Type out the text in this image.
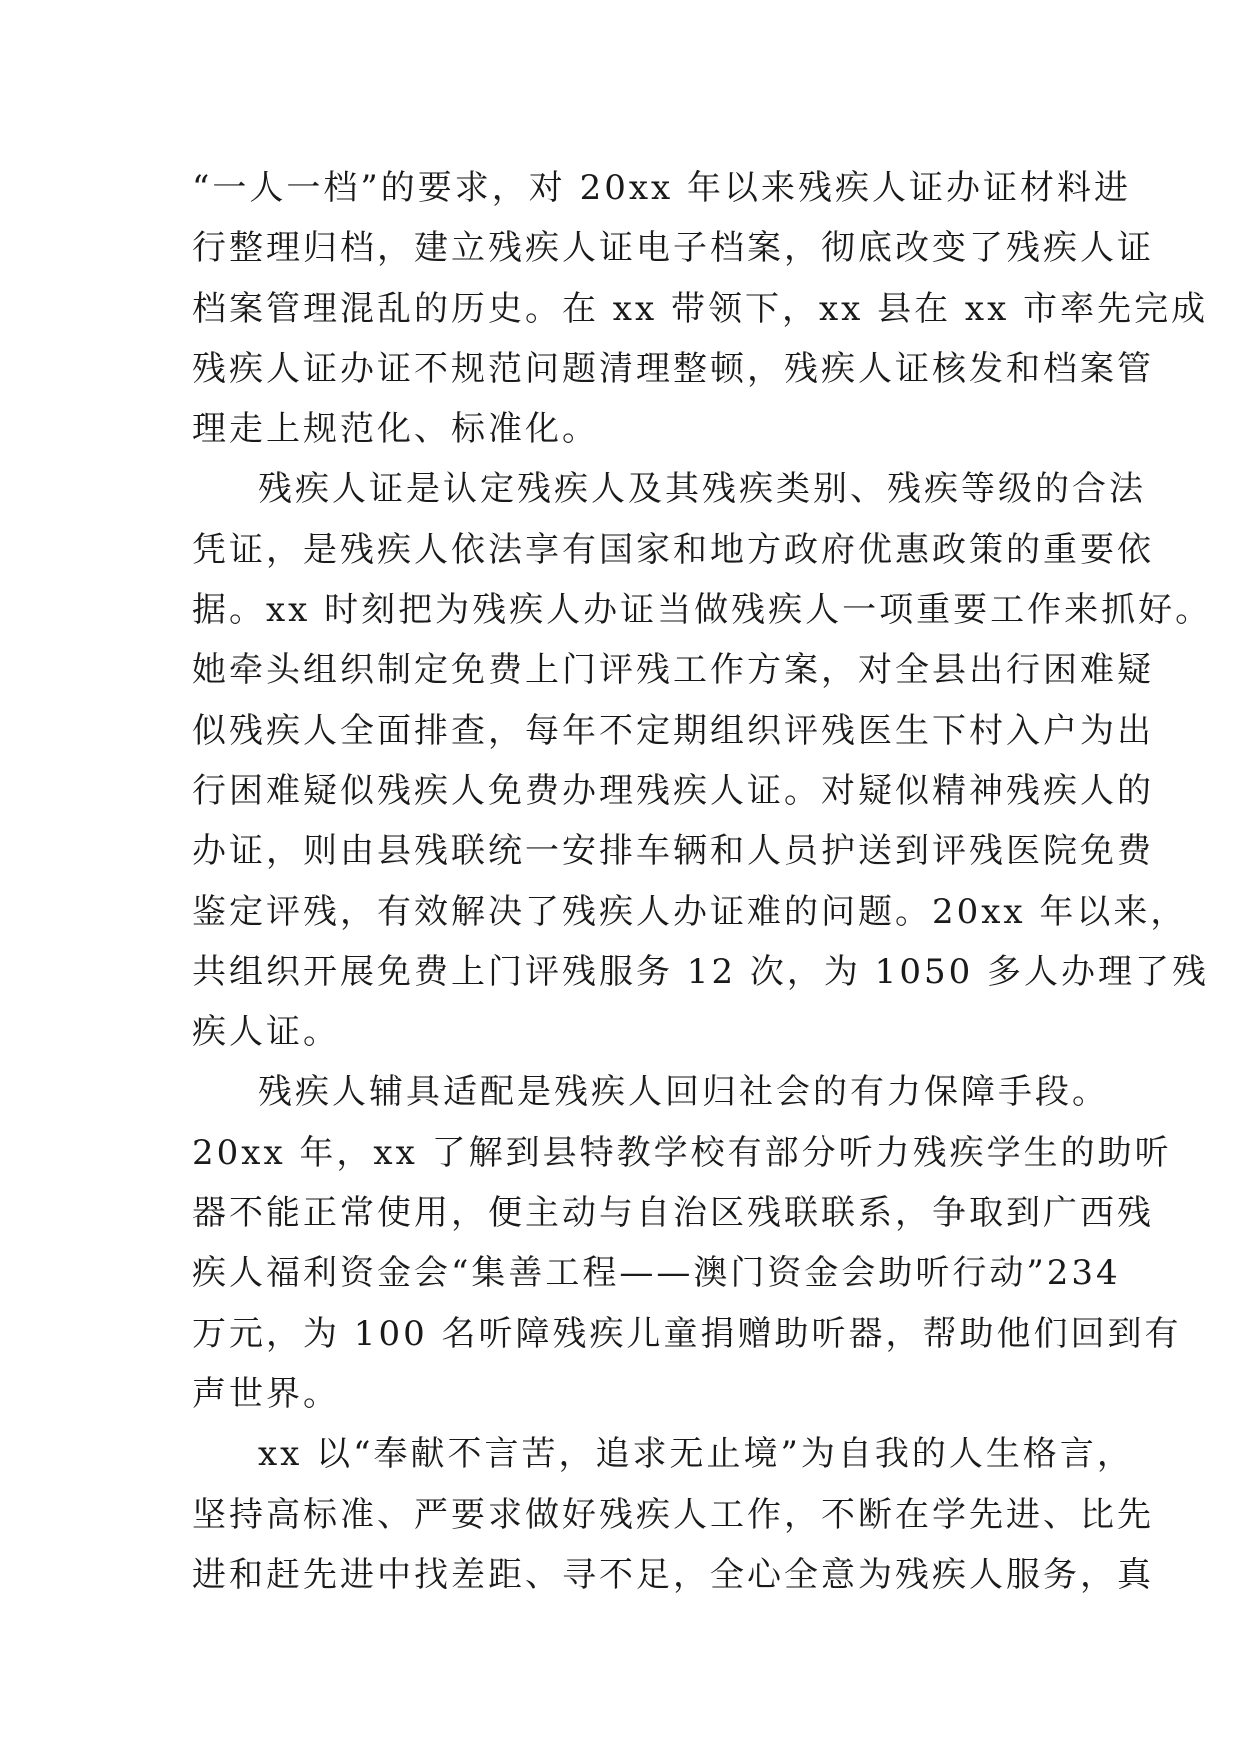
“一人一档”的要求，对 20xx 年以来残疾人证办证材料进
行整理归档，建立残疾人证电子档案，彻底改变了残疾人证
档案管理混乱的历史。在 xx 带领下，xx 县在 xx 市率先完成
残疾人证办证不规范问题清理整顿，残疾人证核发和档案管
理走上规范化、标准化。
残疾人证是认定残疾人及其残疾类别、残疾等级的合法
凭证，是残疾人依法享有国家和地方政府优惠政策的重要依
据。xx 时刻把为残疾人办证当做残疾人一项重要工作来抓好。
她牵头组织制定免费上门评残工作方案，对全县出行困难疑
似残疾人全面排查，每年不定期组织评残医生下村入户为出
行困难疑似残疾人免费办理残疾人证。对疑似精神残疾人的
办证，则由县残联统一安排车辆和人员护送到评残医院免费
鉴定评残，有效解决了残疾人办证难的问题。20xx 年以来，
共组织开展免费上门评残服务 12 次，为 1050 多人办理了残
疾人证。
残疾人辅具适配是残疾人回归社会的有力保障手段。
20xx 年，xx 了解到县特教学校有部分听力残疾学生的助听
器不能正常使用，便主动与自治区残联联系，争取到广西残
疾人福利资金会“集善工程——澳门资金会助听行动”234
万元，为 100 名听障残疾儿童捐赠助听器，帮助他们回到有
声世界。
xx 以“奉献不言苦，追求无止境”为自我的人生格言，
坚持高标准、严要求做好残疾人工作，不断在学先进、比先
进和赶先进中找差距、寻不足，全心全意为残疾人服务，真
